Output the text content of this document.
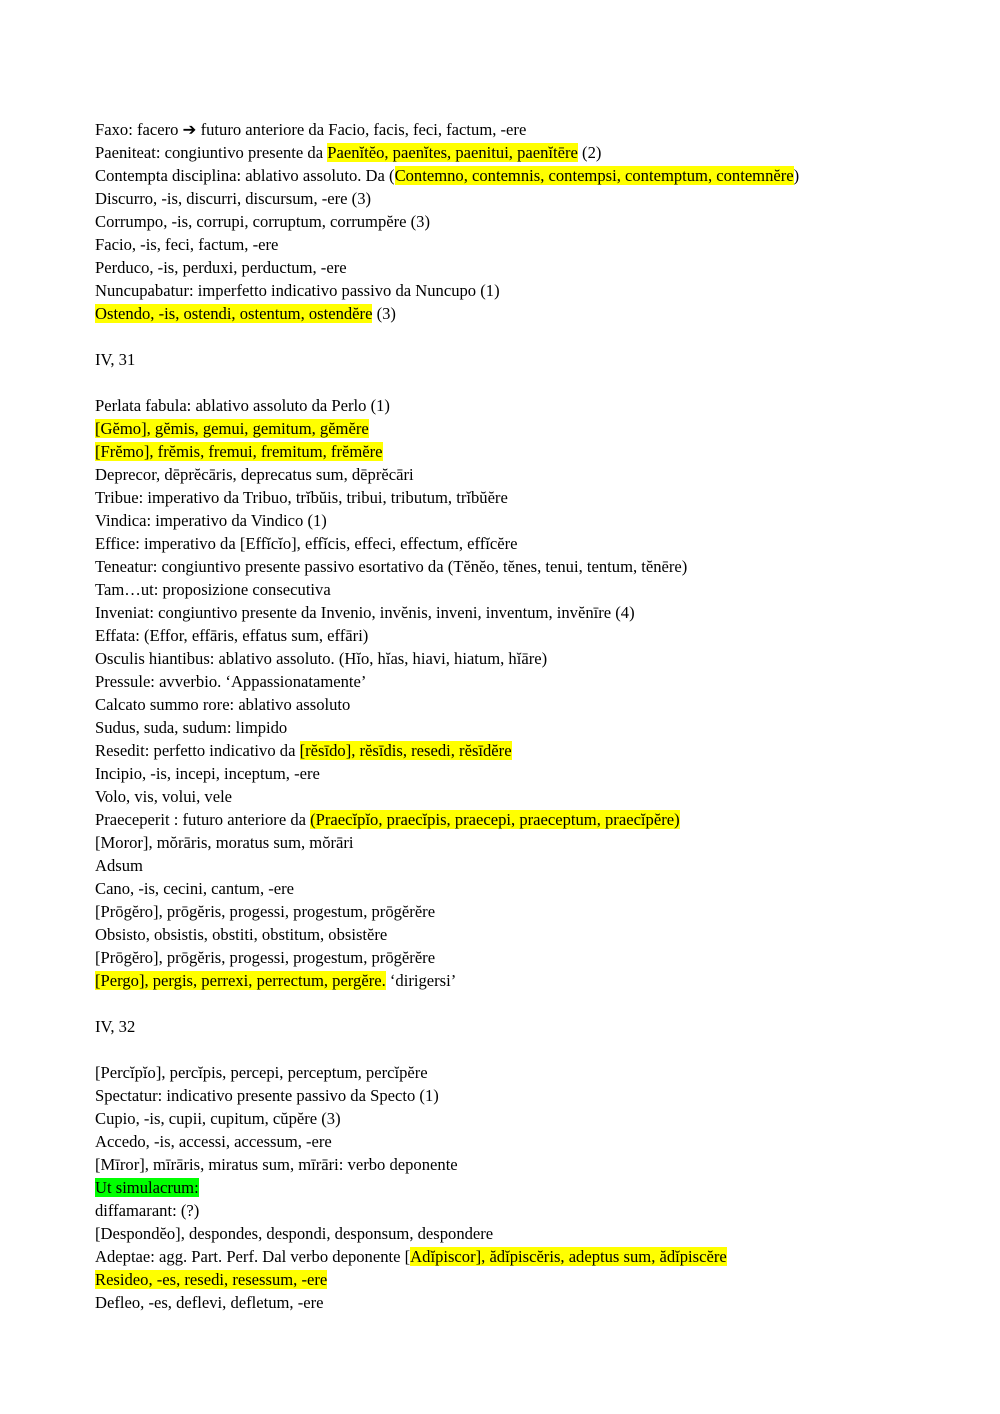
Faxo: facero ➔ futuro anteriore da Facio, facis, feci, factum, -ere
Paeniteat: congiuntivo presente da Paenĭtĕo, paenĭtes, paenitui, paenĭtēre (2)
Contempta disciplina: ablativo assoluto. Da (Contemno, contemnis, contempsi, contemptum, contemnĕre)
Discurro, -is, discurri, discursum, -ere (3)
Corrumpo, -is, corrupi, corruptum, corrumpĕre (3)
Facio, -is, feci, factum, -ere
Perduco, -is, perduxi, perductum, -ere
Nuncupabatur: imperfetto indicativo passivo da Nuncupo (1)
Ostendo, -is, ostendi, ostentum, ostendĕre (3)
IV, 31
Perlata fabula: ablativo assoluto da Perlo (1)
[Gĕmo], gĕmis, gemui, gemitum, gĕmĕre
[Frĕmo], frĕmis, fremui, fremitum, frĕmĕre
Deprecor, dēprĕcāris, deprecatus sum, dēprĕcāri
Tribue: imperativo da Tribuo, trĭbŭis, tribui, tributum, trĭbŭĕre
Vindica: imperativo da Vindico (1)
Effice: imperativo da [Effĭcĭo], effĭcis, effeci, effectum, effĭcĕre
Teneatur: congiuntivo presente passivo esortativo da (Tĕnĕo, tĕnes, tenui, tentum, tĕnēre)
Tam…ut: proposizione consecutiva
Inveniat: congiuntivo presente da Invenio, invĕnis, inveni, inventum, invĕnīre (4)
Effata: (Effor, effāris, effatus sum, effāri)
Osculis hiantibus: ablativo assoluto. (Hĭo, hĭas, hiavi, hiatum, hĭāre)
Pressule: avverbio. ‘Appassionatamente’
Calcato summo rore: ablativo assoluto
Sudus, suda, sudum: limpido
Resedit: perfetto indicativo da [rĕsīdo], rĕsīdis, resedi, rĕsīdĕre
Incipio, -is, incepi, inceptum, -ere
Volo, vis, volui, vele
Praeceperit : futuro anteriore da (Praecĭpĭo, praecĭpis, praecepi, praeceptum, praecĭpĕre)
[Moror], mŏrāris, moratus sum, mŏrāri
Adsum
Cano, -is, cecini, cantum, -ere
[Prōgĕro], prōgĕris, progessi, progestum, prōgĕrĕre
Obsisto, obsistis, obstiti, obstitum, obsistĕre
[Prōgĕro], prōgĕris, progessi, progestum, prōgĕrĕre
[Pergo], pergis, perrexi, perrectum, pergĕre. ‘dirigersi’
IV, 32
[Percĭpĭo], percĭpis, percepi, perceptum, percĭpĕre
Spectatur: indicativo presente passivo da Specto (1)
Cupio, -is, cupii, cupitum, cŭpĕre (3)
Accedo, -is, accessi, accessum, -ere
[Mīror], mīrāris, miratus sum, mīrāri: verbo deponente
Ut simulacrum:
diffamarant: (?)
[Despondĕo], despondes, despondi, desponsum, despondere
Adeptae: agg. Part. Perf. Dal verbo deponente [Adĭpiscor], ădĭpiscĕris, adeptus sum, ădĭpiscĕre
Resideo, -es, resedi, resessum, -ere
Defleo, -es, deflevi, defletum, -ere
